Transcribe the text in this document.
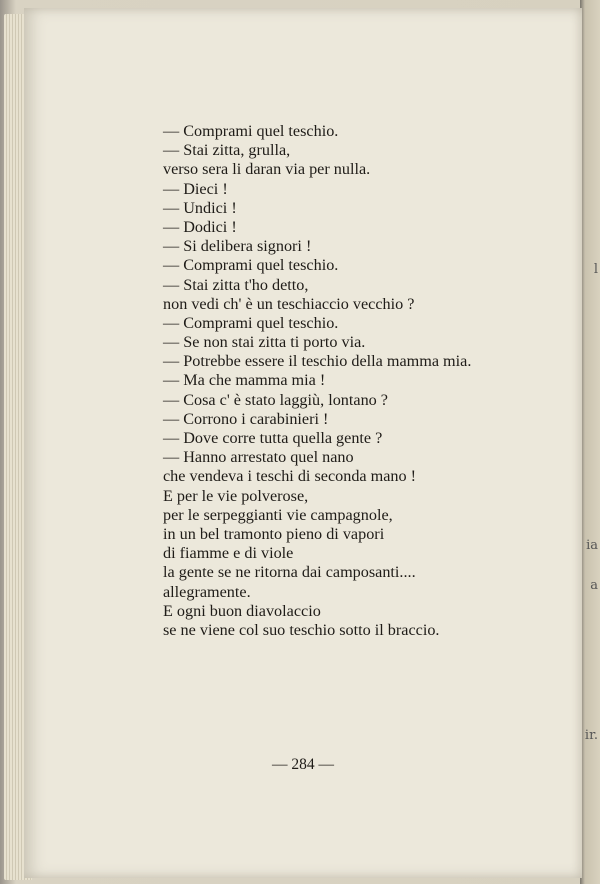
l
ia
a
ir.
— Comprami quel teschio.
— Stai zitta, grulla,
verso sera li daran via per nulla.
— Dieci !
— Undici !
— Dodici !
— Si delibera signori !
— Comprami quel teschio.
— Stai zitta t'ho detto,
non vedi ch' è un teschiaccio vecchio ?
— Comprami quel teschio.
— Se non stai zitta ti porto via.
— Potrebbe essere il teschio della mamma mia.
— Ma che mamma mia !
— Cosa c' è stato laggiù, lontano ?
— Corrono i carabinieri !
— Dove corre tutta quella gente ?
— Hanno arrestato quel nano
che vendeva i teschi di seconda mano !
E per le vie polverose,
per le serpeggianti vie campagnole,
in un bel tramonto pieno di vapori
di fiamme e di viole
la gente se ne ritorna dai camposanti....
allegramente.
E ogni buon diavolaccio
se ne viene col suo teschio sotto il braccio.
— 284 —
